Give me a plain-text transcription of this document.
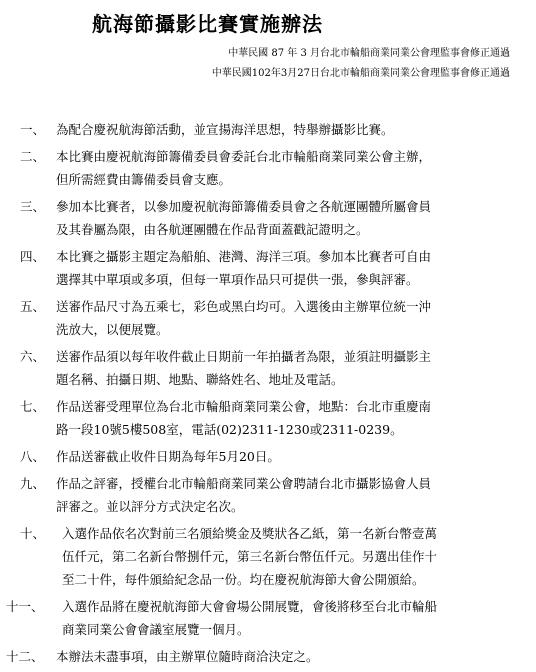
航海節攝影比賽實施辦法
中華民國 87 年 3 月台北市輪船商業同業公會理監事會修正通過
中華民國102年3月27日台北市輪船商業同業公會理監事會修正通過
一、 為配合慶祝航海節活動，並宣揚海洋思想，特舉辦攝影比賽。
二、 本比賽由慶祝航海節籌備委員會委託台北市輪船商業同業公會主辦，
但所需經費由籌備委員會支應。
三、 參加本比賽者，以參加慶祝航海節籌備委員會之各航運團體所屬會員
及其眷屬為限，由各航運團體在作品背面蓋戳記證明之。
四、 本比賽之攝影主題定為船舶、港灣、海洋三項。參加本比賽者可自由
選擇其中單項或多項，但每一單項作品只可提供一張，參與評審。
五、 送審作品尺寸為五乘七，彩色或黑白均可。入選後由主辦單位統一沖
洗放大，以便展覽。
六、 送審作品須以每年收件截止日期前一年拍攝者為限，並須註明攝影主
題名稱、拍攝日期、地點、聯絡姓名、地址及電話。
七、 作品送審受理單位為台北市輪船商業同業公會，地點：台北市重慶南
路一段10號5樓508室，電話(02)2311-1230或2311-0239。
八、 作品送審截止收件日期為每年5月20日。
九、 作品之評審，授權台北市輪船商業同業公會聘請台北市攝影協會人員
評審之。並以評分方式決定名次。
十、	入選作品依名次對前三名頒給獎金及獎狀各乙紙，第一名新台幣壹萬
伍仟元，第二名新台幣捌仟元，第三名新台幣伍仟元。另選出佳作十
至二十件，每件頒給紀念品一份。均在慶祝航海節大會公開頒給。
十一、	入選作品將在慶祝航海節大會會場公開展覽，會後將移至台北市輪船
商業同業公會會議室展覽一個月。
十二、 本辦法未盡事項，由主辦單位隨時商洽決定之。
